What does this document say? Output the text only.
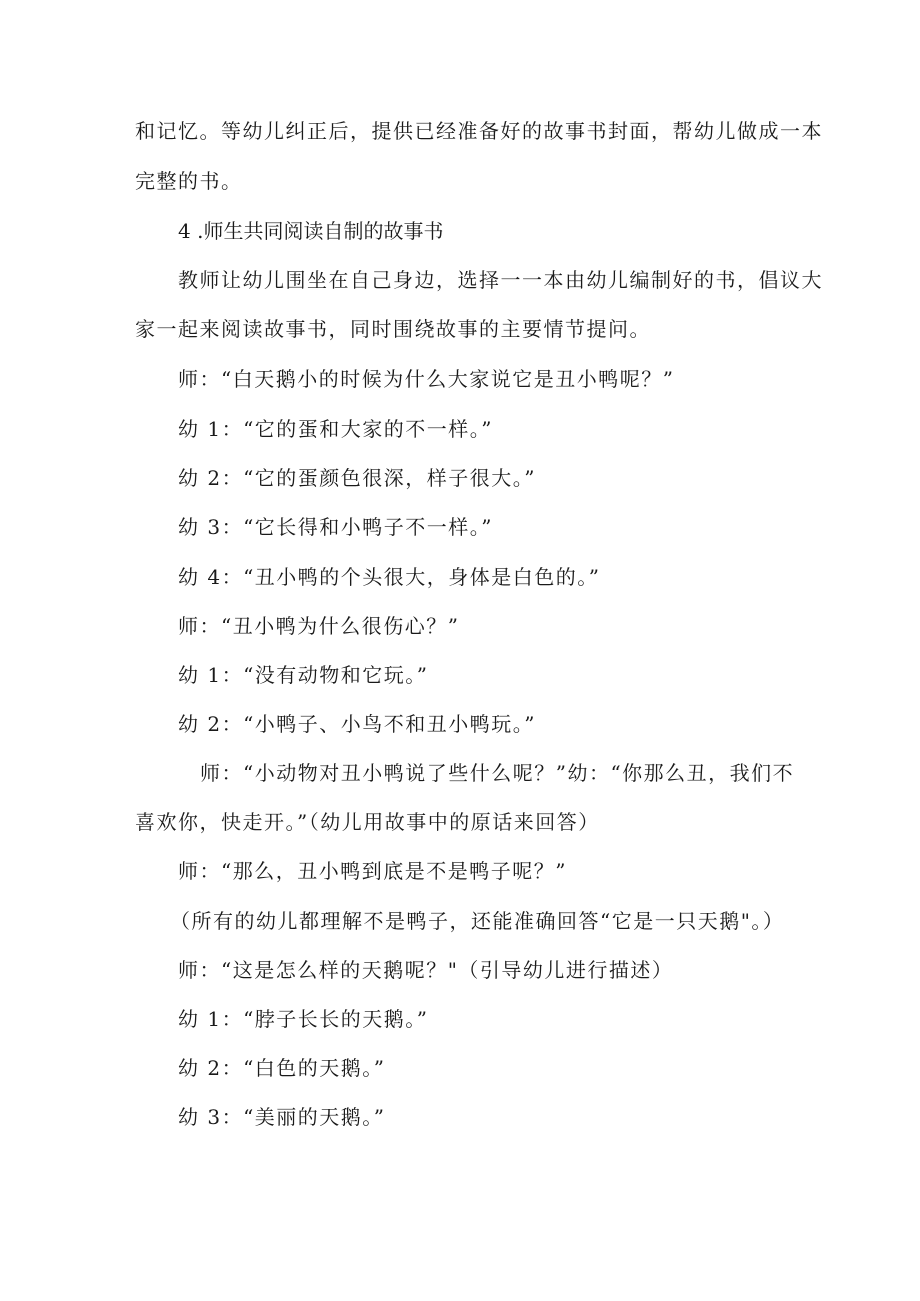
和记忆。等幼儿纠正后，提供已经准备好的故事书封面，帮幼儿做成一本
完整的书。
4 .师生共同阅读自制的故事书
教师让幼儿围坐在自己身边，选择一一本由幼儿编制好的书，倡议大
家一起来阅读故事书，同时围绕故事的主要情节提问。
师：“白天鹅小的时候为什么大家说它是丑小鸭呢？”
幼 1：“它的蛋和大家的不一样。”
幼 2：“它的蛋颜色很深，样子很大。”
幼 3：“它长得和小鸭子不一样。”
幼 4：“丑小鸭的个头很大，身体是白色的。”
师：“丑小鸭为什么很伤心？”
幼 1：“没有动物和它玩。”
幼 2：“小鸭子、小鸟不和丑小鸭玩。”
师：“小动物对丑小鸭说了些什么呢？”幼：“你那么丑，我们不
喜欢你，快走开。”（幼儿用故事中的原话来回答）
师：“那么，丑小鸭到底是不是鸭子呢？”
（所有的幼儿都理解不是鸭子，还能准确回答“它是一只天鹅"。）
师：“这是怎么样的天鹅呢？"（引导幼儿进行描述）
幼 1：“脖子长长的天鹅。”
幼 2：“白色的天鹅。”
幼 3：“美丽的天鹅。”
